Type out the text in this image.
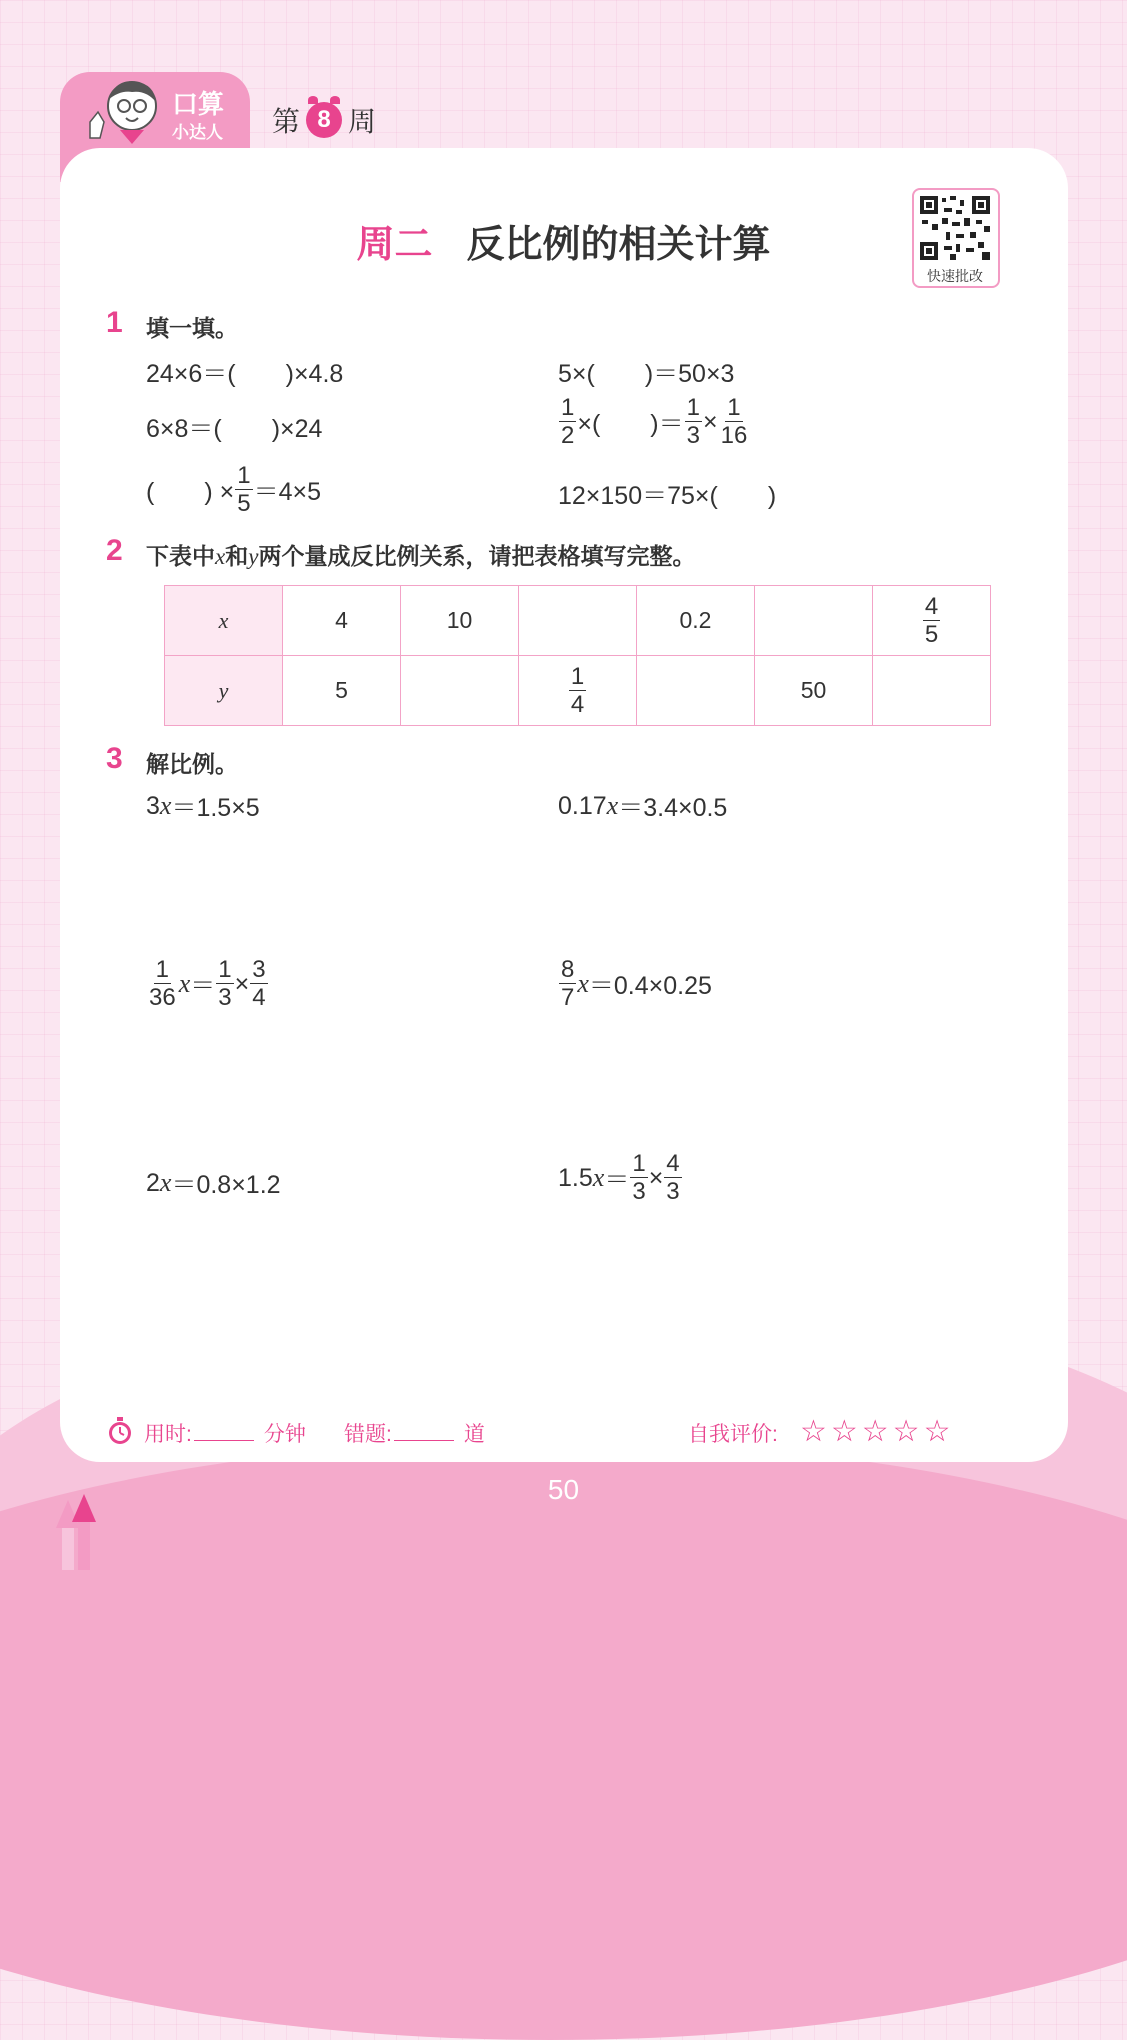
口算
小达人 第 8 周
周二 反比例的相关计算
快速批改
1 填一填。
24×6＝(　　)×4.8	5×(　　)＝50×3
6×8＝(　　)×24	$\frac{1}{2}$ ×(　　)＝ $\frac{1}{3} \times \frac{1}{16}$
(　　) × $\frac{1}{5} =4\times 5$	12×150＝75×(　　)
2 下表中x和y两个量成反比例关系，请把表格填写完整。
x	4	10		0.2		$\frac{4}{5}$

y	5		$\frac{1}{4}$		50	
3 解比例。
3 x ＝1.5×5	0.17 x ＝3.4×0.5
$\frac{1}{36}$ $x = \frac{1}{3} \times \frac{3}{4}$	$\frac{8}{7}$ x ＝0.4×0.25
2 x ＝0.8×1.2	1.5 $x = \frac{1}{3} \times \frac{4}{3}$
用时:	分钟 错题:	道	自我评价: ☆☆☆☆☆
50
